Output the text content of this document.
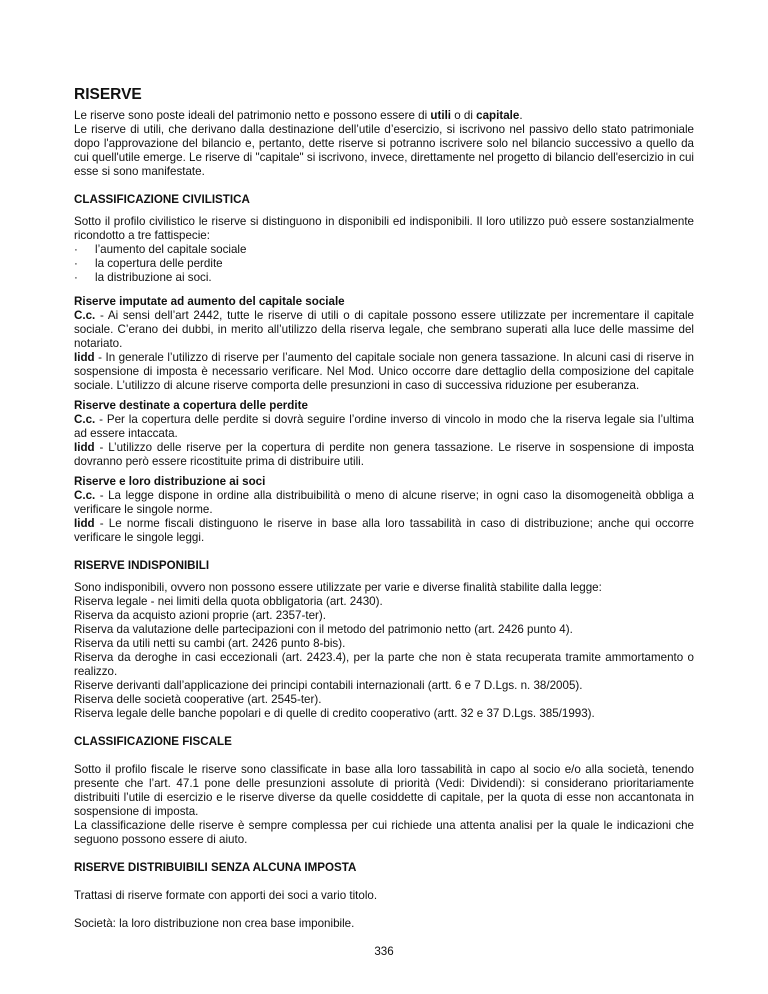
RISERVE

Le riserve sono poste ideali del patrimonio netto e possono essere di utili o di capitale.

Le riserve di utili, che derivano dalla destinazione dell’utile d’esercizio, si iscrivono nel passivo dello stato patrimoniale dopo l'approvazione del bilancio e, pertanto, dette riserve si potranno iscrivere solo nel bilancio successivo a quello da cui quell'utile emerge. Le riserve di "capitale" si iscrivono, invece, direttamente nel progetto di bilancio dell'esercizio in cui esse si sono manifestate.

CLASSIFICAZIONE CIVILISTICA

Sotto il profilo civilistico le riserve si distinguono in disponibili ed indisponibili. Il loro utilizzo può essere sostanzialmente ricondotto a tre fattispecie:

·	l’aumento del capitale sociale
·	la copertura delle perdite
·	la distribuzione ai soci.

Riserve imputate ad aumento del capitale sociale

C.c. - Ai sensi dell’art 2442, tutte le riserve di utili o di capitale possono essere utilizzate per incrementare il capitale sociale. C’erano dei dubbi, in merito all’utilizzo della riserva legale, che sembrano superati alla luce delle massime del notariato.

Iidd - In generale l’utilizzo di riserve per l’aumento del capitale sociale non genera tassazione. In alcuni casi di riserve in sospensione di imposta è necessario verificare. Nel Mod. Unico occorre dare dettaglio della composizione del capitale sociale. L’utilizzo di alcune riserve comporta delle presunzioni in caso di successiva riduzione per esuberanza.

Riserve destinate a copertura delle perdite

C.c. - Per la copertura delle perdite si dovrà seguire l’ordine inverso di vincolo in modo che la riserva legale sia l’ultima ad essere intaccata.

Iidd - L’utilizzo delle riserve per la copertura di perdite non genera tassazione. Le riserve in sospensione di imposta dovranno però essere ricostituite prima di distribuire utili.

Riserve e loro distribuzione ai soci

C.c. - La legge dispone in ordine alla distribuibilità o meno di alcune riserve; in ogni caso la disomogeneità obbliga a verificare le singole norme.

Iidd - Le norme fiscali distinguono le riserve in base alla loro tassabilità in caso di distribuzione; anche qui occorre verificare le singole leggi.

RISERVE INDISPONIBILI

Sono indisponibili, ovvero non possono essere utilizzate per varie e diverse finalità stabilite dalla legge:

Riserva legale - nei limiti della quota obbligatoria (art. 2430).

Riserva da acquisto azioni proprie (art. 2357-ter).

Riserva da valutazione delle partecipazioni con il metodo del patrimonio netto (art. 2426 punto 4).

Riserva da utili netti su cambi (art. 2426 punto 8-bis).

Riserva da deroghe in casi eccezionali (art. 2423.4), per la parte che non è stata recuperata tramite ammortamento o realizzo.

Riserve derivanti dall’applicazione dei principi contabili internazionali (artt. 6 e 7 D.Lgs. n. 38/2005).

Riserva delle società cooperative (art. 2545-ter).

Riserva legale delle banche popolari e di quelle di credito cooperativo (artt. 32 e 37 D.Lgs. 385/1993).

CLASSIFICAZIONE FISCALE

Sotto il profilo fiscale le riserve sono classificate in base alla loro tassabilità in capo al socio e/o alla società, tenendo presente che l’art. 47.1 pone delle presunzioni assolute di priorità (Vedi: Dividendi): si considerano prioritariamente distribuiti l’utile di esercizio e le riserve diverse da quelle cosiddette di capitale, per la quota di esse non accantonata in sospensione di imposta.

La classificazione delle riserve è sempre complessa per cui richiede una attenta analisi per la quale le indicazioni che seguono possono essere di aiuto.

RISERVE DISTRIBUIBILI SENZA ALCUNA IMPOSTA

Trattasi di riserve formate con apporti dei soci a vario titolo.

Società: la loro distribuzione non crea base imponibile.

336
